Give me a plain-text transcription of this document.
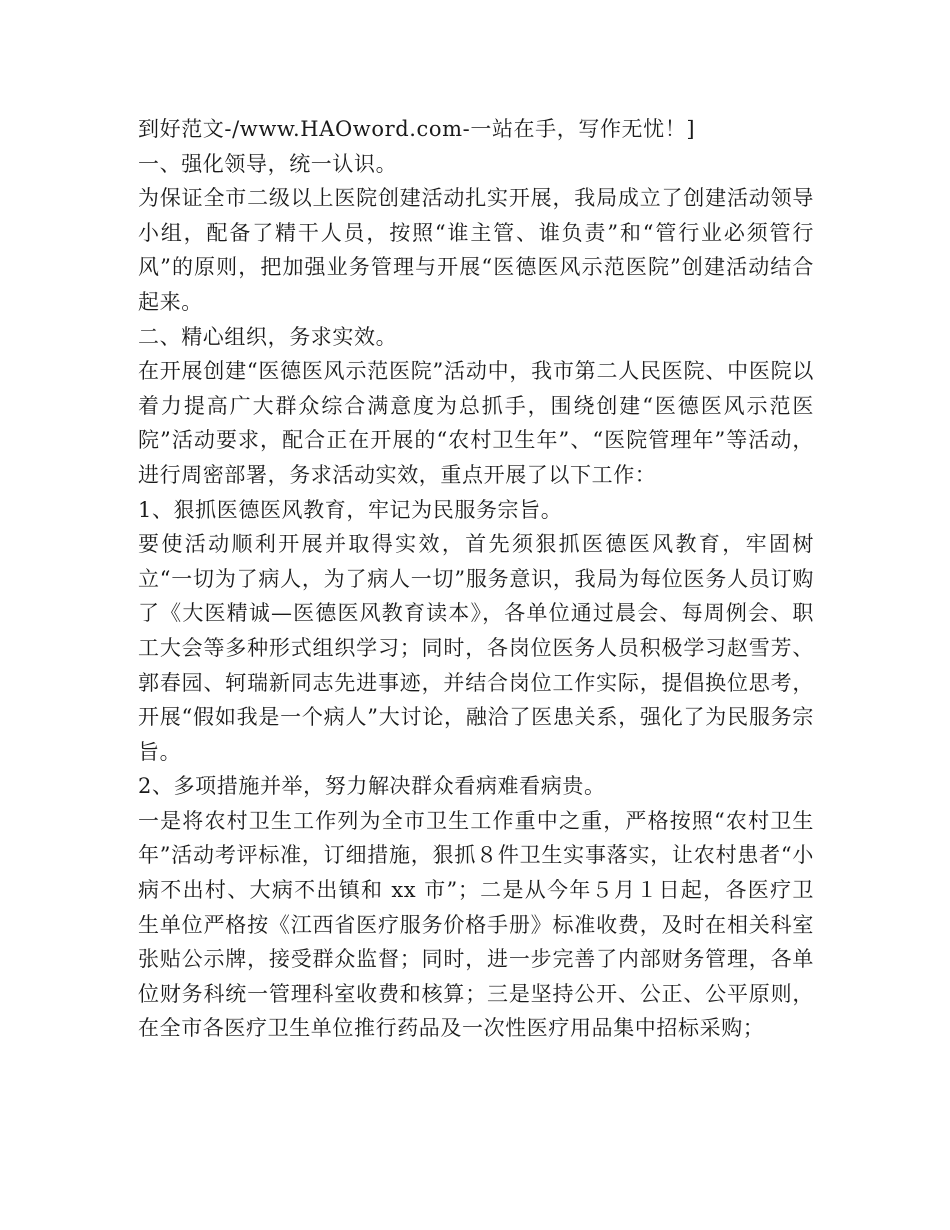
到好范文-/www.HAOword.com-一站在手，写作无忧！]

一、强化领导，统一认识。

为保证全市二级以上医院创建活动扎实开展，我局成立了创建活动领导小组，配备了精干人员，按照“谁主管、谁负责”和“管行业必须管行风”的原则，把加强业务管理与开展“医德医风示范医院”创建活动结合起来。

二、精心组织，务求实效。

在开展创建“医德医风示范医院”活动中，我市第二人民医院、中医院以着力提高广大群众综合满意度为总抓手，围绕创建“医德医风示范医院”活动要求，配合正在开展的“农村卫生年”、“医院管理年”等活动，进行周密部署，务求活动实效，重点开展了以下工作：

1、狠抓医德医风教育，牢记为民服务宗旨。

要使活动顺利开展并取得实效，首先须狠抓医德医风教育，牢固树立“一切为了病人，为了病人一切”服务意识，我局为每位医务人员订购了《大医精诚—医德医风教育读本》，各单位通过晨会、每周例会、职工大会等多种形式组织学习；同时，各岗位医务人员积极学习赵雪芳、郭春园、轲瑞新同志先进事迹，并结合岗位工作实际，提倡换位思考，开展“假如我是一个病人”大讨论，融洽了医患关系，强化了为民服务宗旨。

2、多项措施并举，努力解决群众看病难看病贵。

一是将农村卫生工作列为全市卫生工作重中之重，严格按照“农村卫生年”活动考评标准，订细措施，狠抓８件卫生实事落实，让农村患者“小病不出村、大病不出镇和 xx 市”；二是从今年５月１日起，各医疗卫生单位严格按《江西省医疗服务价格手册》标准收费，及时在相关科室张贴公示牌，接受群众监督；同时，进一步完善了内部财务管理，各单位财务科统一管理科室收费和核算；三是坚持公开、公正、公平原则，在全市各医疗卫生单位推行药品及一次性医疗用品集中招标采购；
